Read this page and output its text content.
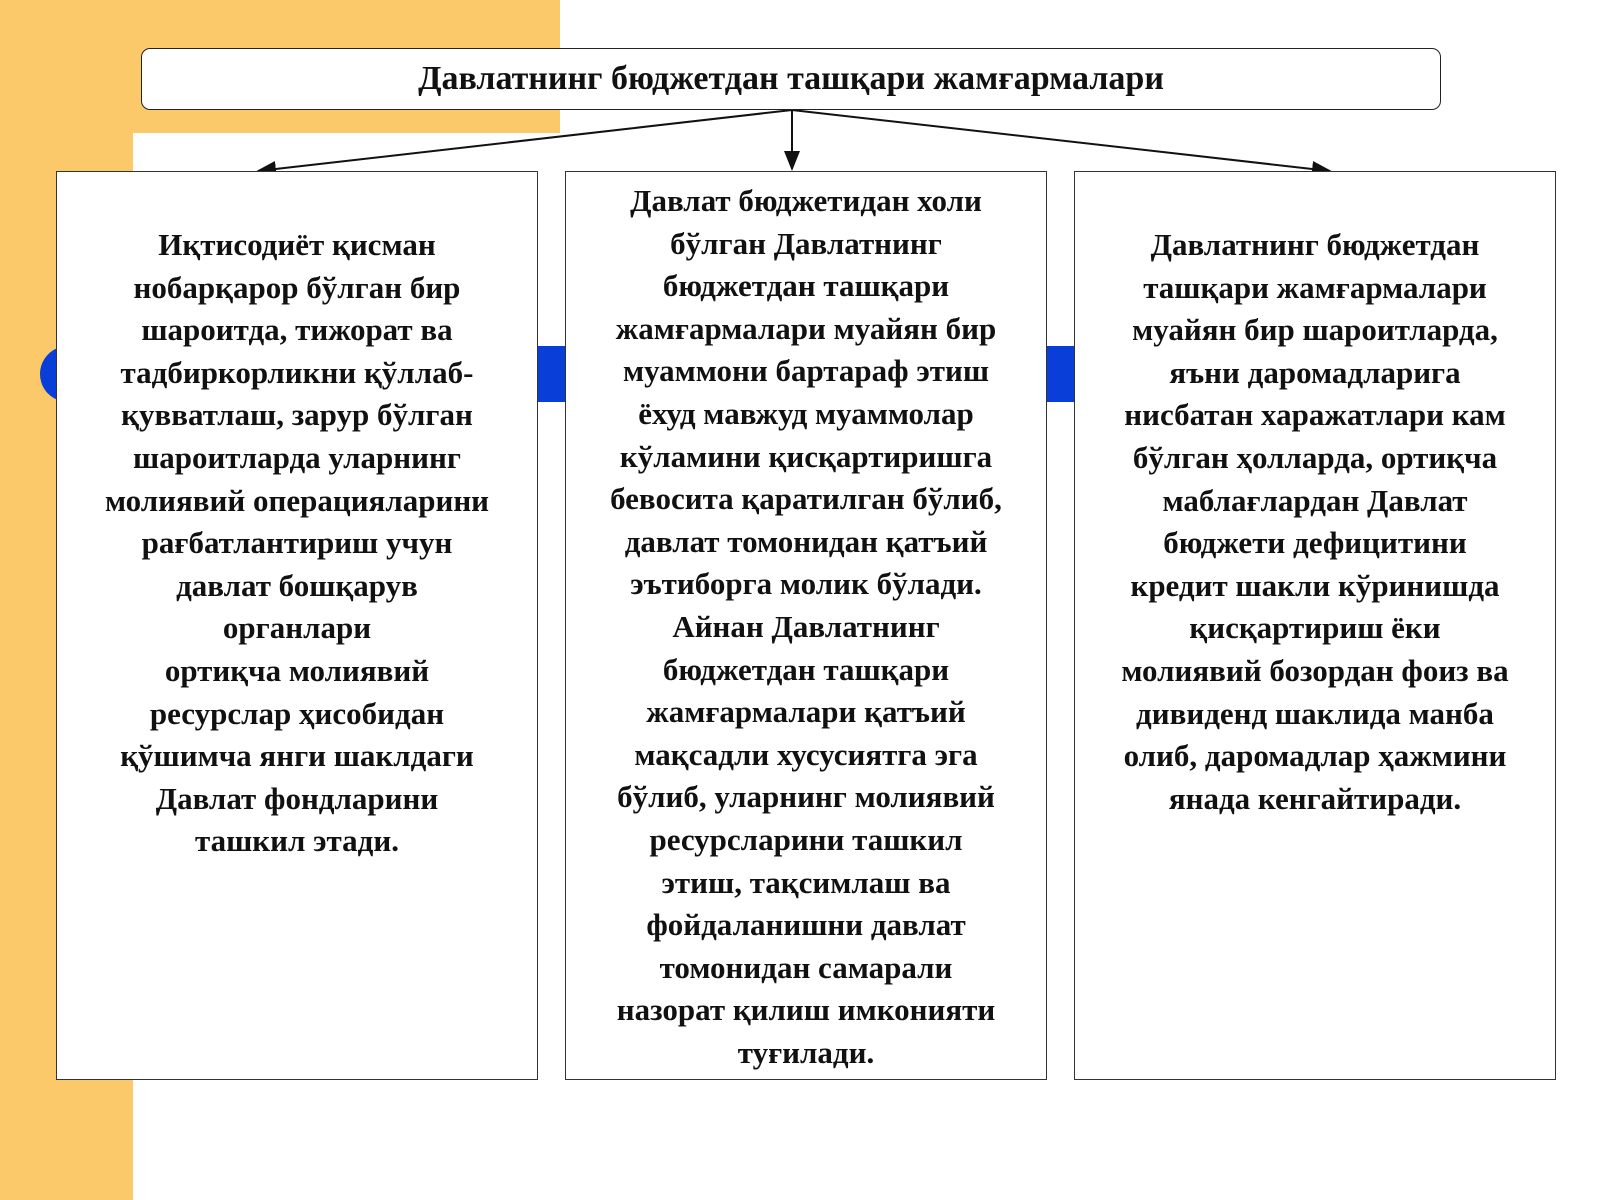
Давлатнинг бюджетдан ташқари жамғармалари
Иқтисодиёт қисман
нобарқарор бўлган бир
шароитда, тижорат ва
тадбиркорликни қўллаб-
қувватлаш, зарур бўлган
шароитларда уларнинг
молиявий операцияларини
рағбатлантириш учун
давлат бошқарув
органлари
ортиқча молиявий
ресурслар ҳисобидан
қўшимча янги шаклдаги
Давлат фондларини
ташкил этади.
Давлат бюджетидан холи
бўлган Давлатнинг
бюджетдан ташқари
жамғармалари муайян бир
муаммони бартараф этиш
ёхуд мавжуд муаммолар
кўламини қисқартиришга
бевосита қаратилган бўлиб,
давлат томонидан қатъий
эътиборга молик бўлади.
Айнан Давлатнинг
бюджетдан ташқари
жамғармалари қатъий
мақсадли хусусиятга эга
бўлиб, уларнинг молиявий
ресурсларини ташкил
этиш, тақсимлаш ва
фойдаланишни давлат
томонидан самарали
назорат қилиш имконияти
туғилади.
Давлатнинг бюджетдан
ташқари жамғармалари
муайян бир шароитларда,
яъни даромадларига
нисбатан харажатлари кам
бўлган ҳолларда, ортиқча
маблағлардан Давлат
бюджети дефицитини
кредит шакли кўринишда
қисқартириш ёки
молиявий бозордан фоиз ва
дивиденд шаклида манба
олиб, даромадлар ҳажмини
янада кенгайтиради.
